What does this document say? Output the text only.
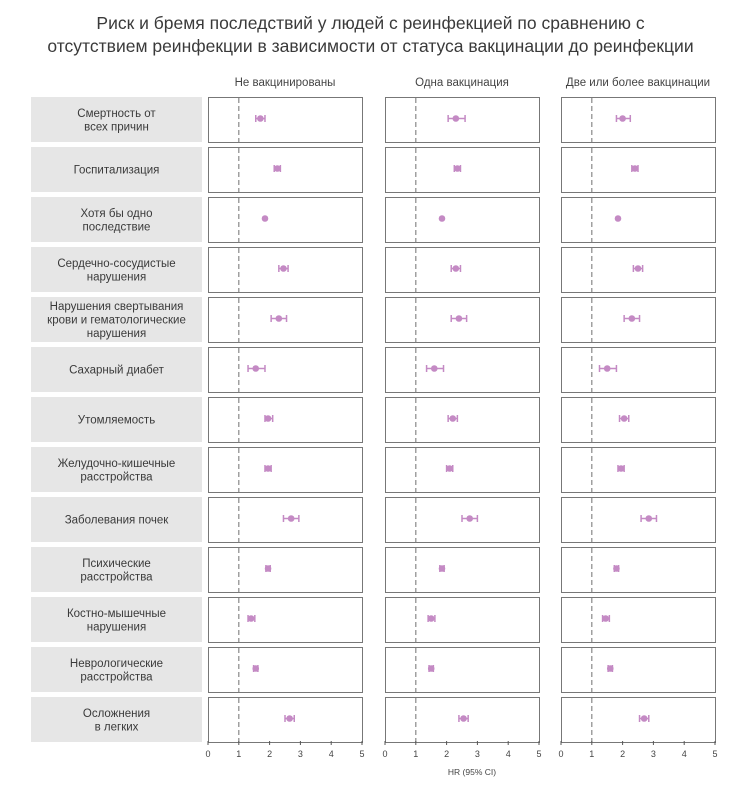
Риск и бремя последствий у людей с реинфекцией по сравнению с
отсутствием реинфекции в зависимости от статуса вакцинации до реинфекции
Не вакцинированы	Одна вакцинация	Две или более вакцинации
Смертность от
всех причин
Госпитализация
Хотя бы одно
последствие
Сердечно-сосудистые
нарушения
Нарушения свертывания
крови и гематологические
нарушения
Сахарный диабет
Утомляемость
Желудочно-кишечные
расстройства
Заболевания почек
Психические
расстройства
Костно-мышечные
нарушения
Неврологические
расстройства
Осложнения
в легких
0	1	2	3	4	5 0	1	2	3	4	5 0	1	2	3	4	5
HR (95% CI)
